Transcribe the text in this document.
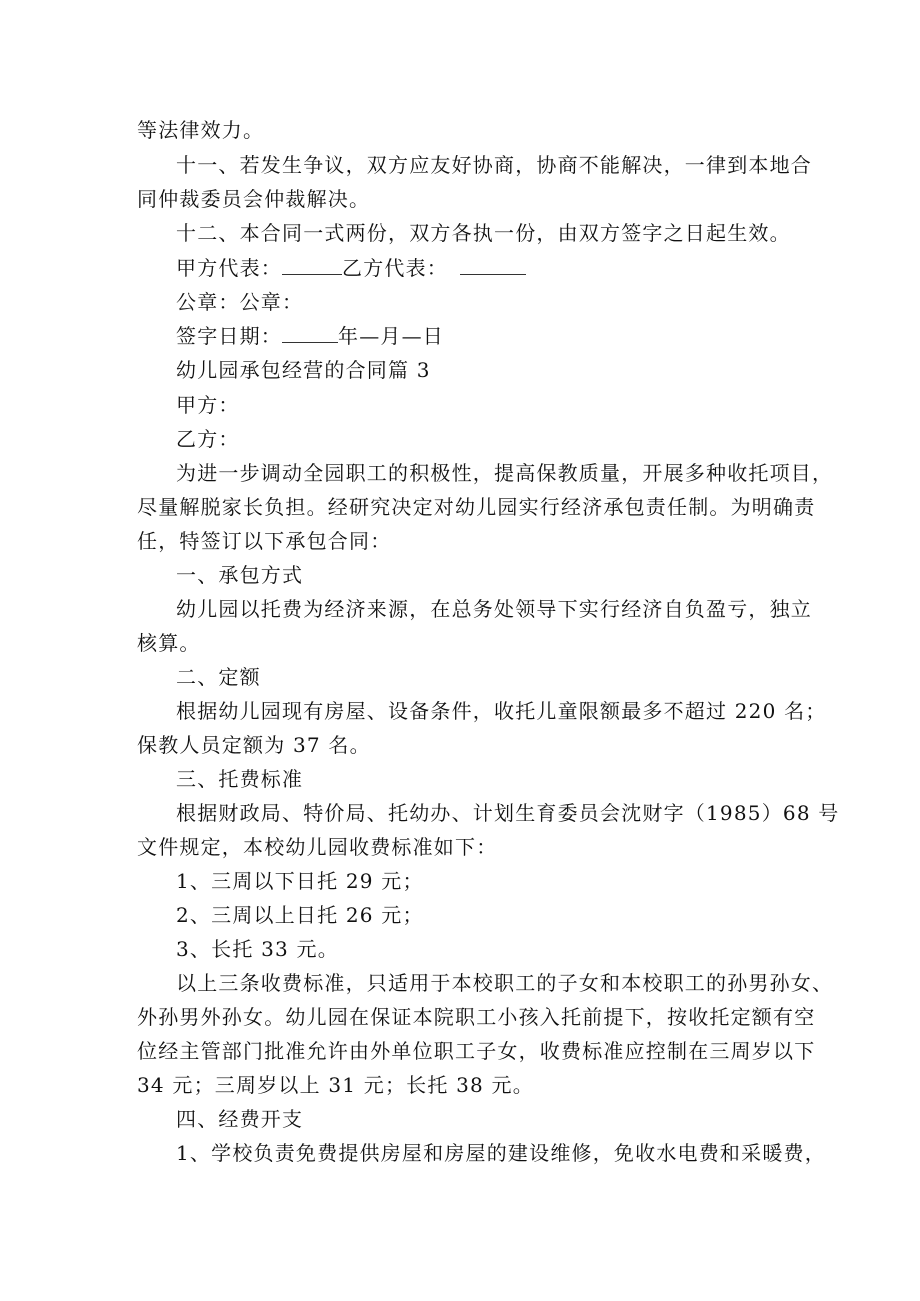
等法律效力。
十一、若发生争议，双方应友好协商，协商不能解决，一律到本地合
同仲裁委员会仲裁解决。
十二、本合同一式两份，双方各执一份，由双方签字之日起生效。
甲方代表：	乙方代表：
公章：公章：
签字日期：	年—月—日
幼儿园承包经营的合同篇 3
甲方：
乙方：
为进一步调动全园职工的积极性，提高保教质量，开展多种收托项目，
尽量解脱家长负担。经研究决定对幼儿园实行经济承包责任制。为明确责
任，特签订以下承包合同：
一、承包方式
幼儿园以托费为经济来源，在总务处领导下实行经济自负盈亏，独立
核算。
二、定额
根据幼儿园现有房屋、设备条件，收托儿童限额最多不超过 220 名；
保教人员定额为 37 名。
三、托费标准
根据财政局、特价局、托幼办、计划生育委员会沈财字（1985）68 号
文件规定，本校幼儿园收费标准如下：
1、三周以下日托 29 元；
2、三周以上日托 26 元；
3、长托 33 元。
以上三条收费标准，只适用于本校职工的子女和本校职工的孙男孙女、
外孙男外孙女。幼儿园在保证本院职工小孩入托前提下，按收托定额有空
位经主管部门批准允许由外单位职工子女，收费标准应控制在三周岁以下
34 元；三周岁以上 31 元；长托 38 元。
四、经费开支
1、学校负责免费提供房屋和房屋的建设维修，免收水电费和采暖费，
